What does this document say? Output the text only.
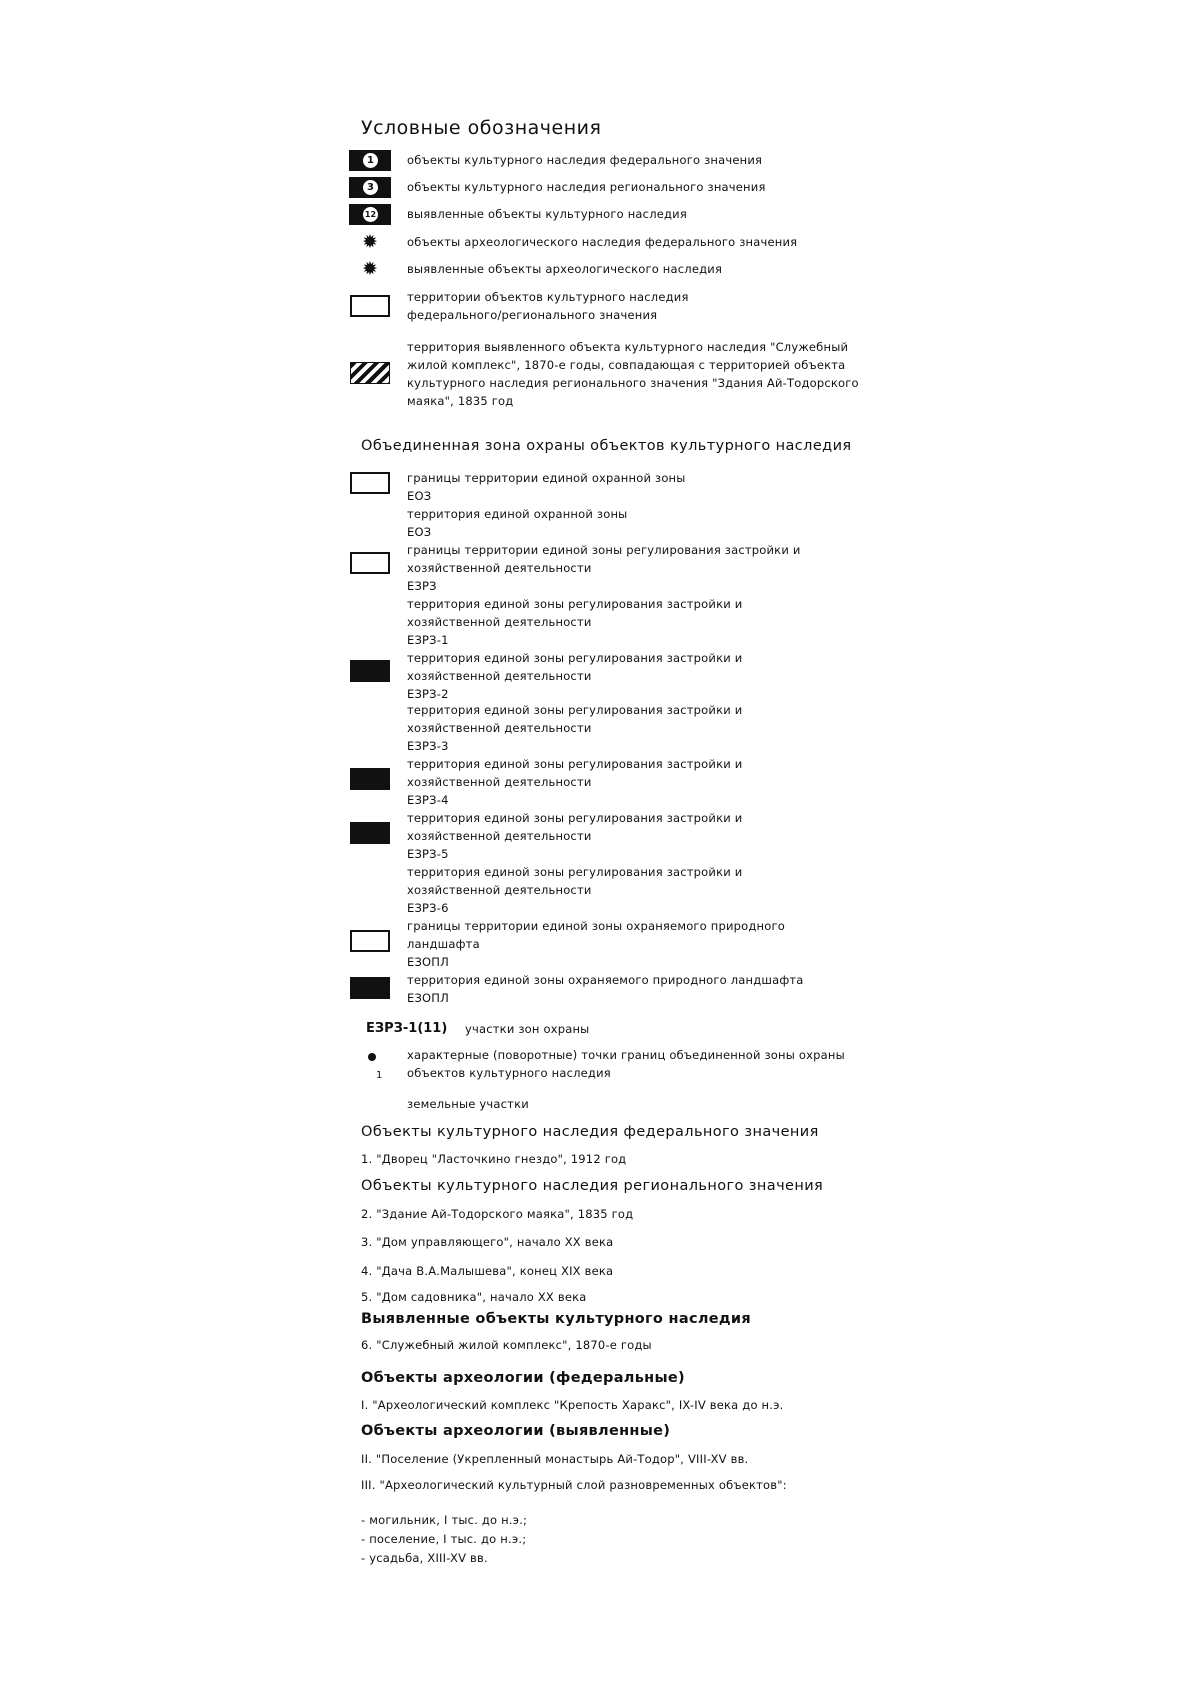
Условные обозначения
1	объекты культурного наследия федерального значения
3	объекты культурного наследия регионального значения
12	выявленные объекты культурного наследия
✹	объекты археологического наследия федерального значения
✹	выявленные объекты археологического наследия
территории объектов культурного наследия
федерального/регионального значения
территория выявленного объекта культурного наследия "Служебный
жилой комплекс", 1870-е годы, совпадающая с территорией объекта
культурного наследия регионального значения "Здания Ай-Тодорского
маяка", 1835 год
Объединенная зона охраны объектов культурного наследия
границы территории единой охранной зоны
ЕОЗ
территория единой охранной зоны
ЕОЗ
границы территории единой зоны регулирования застройки и
хозяйственной деятельности
ЕЗРЗ
территория единой зоны регулирования застройки и
хозяйственной деятельности
ЕЗРЗ-1
территория единой зоны регулирования застройки и
хозяйственной деятельности
ЕЗРЗ-2
территория единой зоны регулирования застройки и
хозяйственной деятельности
ЕЗРЗ-3
территория единой зоны регулирования застройки и
хозяйственной деятельности
ЕЗРЗ-4
территория единой зоны регулирования застройки и
хозяйственной деятельности
ЕЗРЗ-5
территория единой зоны регулирования застройки и
хозяйственной деятельности
ЕЗРЗ-6
границы территории единой зоны охраняемого природного
ландшафта
ЕЗОПЛ
территория единой зоны охраняемого природного ландшафта
ЕЗОПЛ
ЕЗРЗ-1(11) участки зон охраны
1
характерные (поворотные) точки границ объединенной зоны охраны
объектов культурного наследия
земельные участки
Объекты культурного наследия федерального значения
1. "Дворец "Ласточкино гнездо", 1912 год
Объекты культурного наследия регионального значения
2. "Здание Ай-Тодорского маяка", 1835 год
3. "Дом управляющего", начало XX века
4. "Дача В.А.Малышева", конец XIX века
5. "Дом садовника", начало XX века
Выявленные объекты культурного наследия
6. "Служебный жилой комплекс", 1870-е годы
Объекты археологии (федеральные)
I. "Археологический комплекс "Крепость Харакс", IX-IV века до н.э.
Объекты археологии (выявленные)
II. "Поселение (Укрепленный монастырь Ай-Тодор", VIII-XV вв.
III. "Археологический культурный слой разновременных объектов":
- могильник, I тыс. до н.э.;
- поселение, I тыс. до н.э.;
- усадьба, XIII-XV вв.
